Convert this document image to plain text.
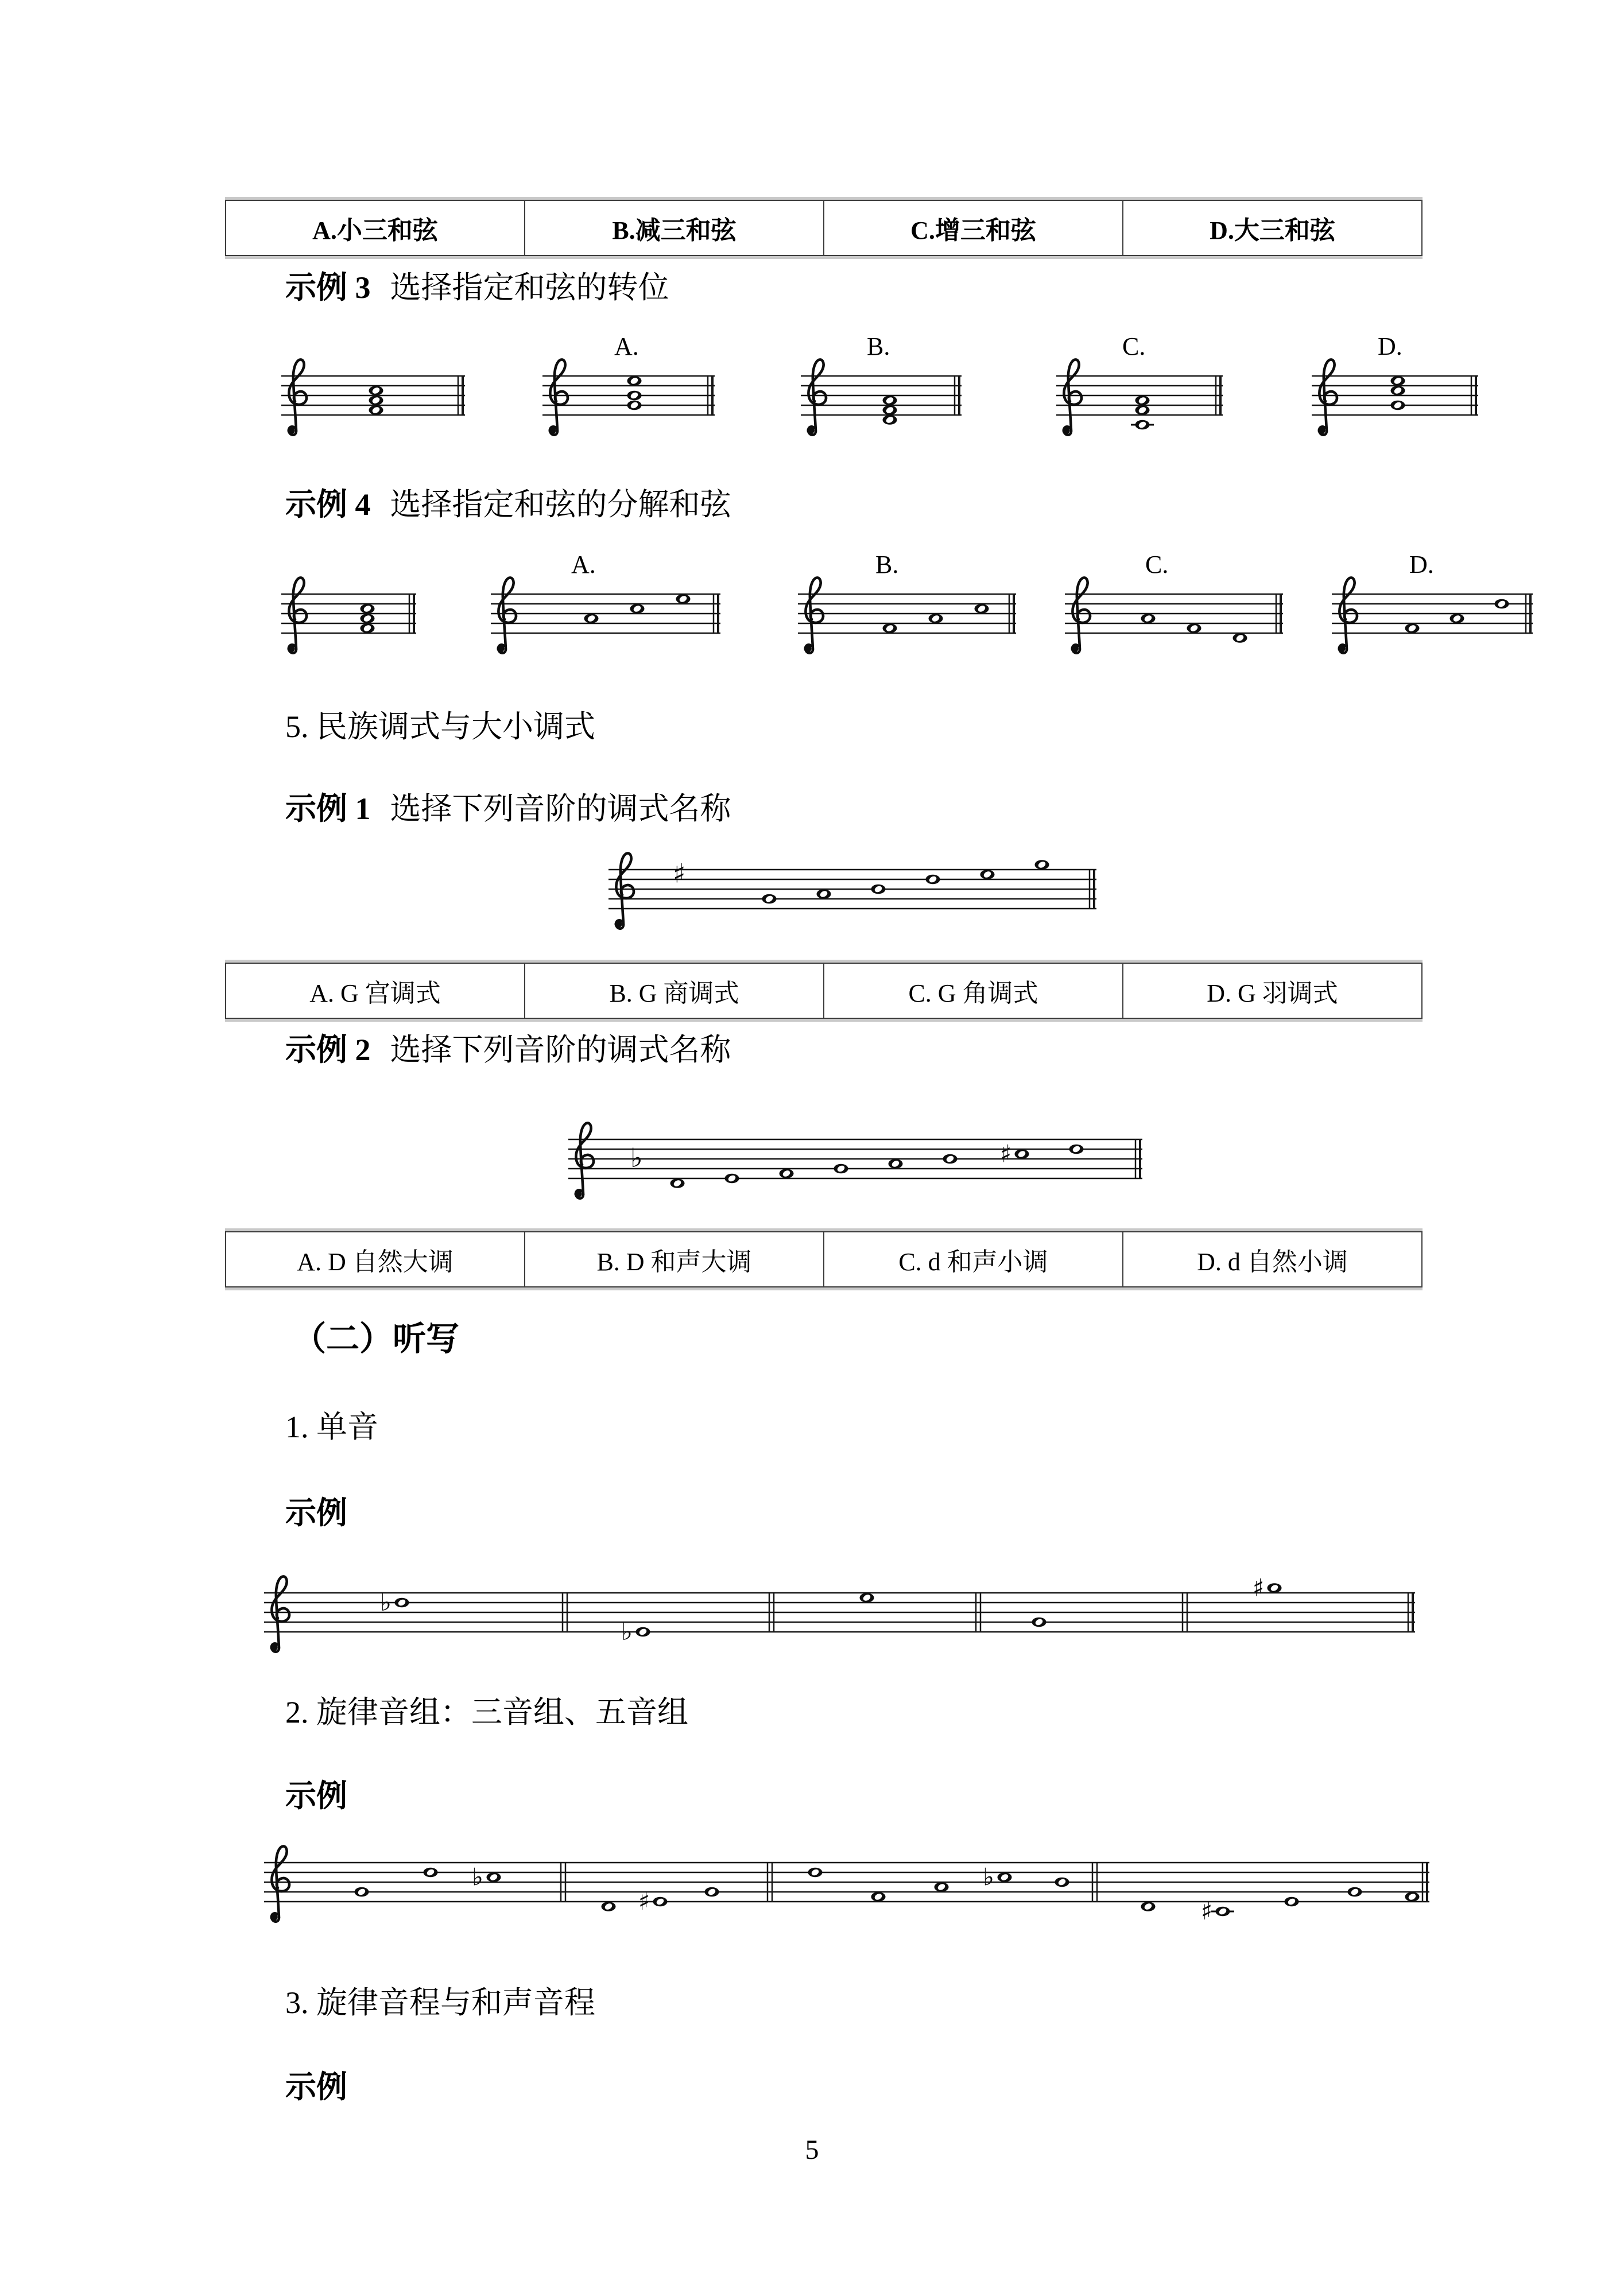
A.小三和弦	B.减三和弦	C.增三和弦	D.大三和弦
示例 3 选择指定和弦的转位
示例 4 选择指定和弦的分解和弦
5. 民族调式与大小调式
示例 1 选择下列音阶的调式名称
A. G 宫调式	B. G 商调式	C. G 角调式	D. G 羽调式
示例 2 选择下列音阶的调式名称
A. D 自然大调	B. D 和声大调	C. d 和声小调	D. d 自然小调
（二）听写
1. 单音
示例
2. 旋律音组：三音组、五音组
示例
3. 旋律音程与和声音程
示例
5
A.	B.	C.	D.
A.	B.	C.	D.
♯
♭	♯
♭
♭
♯
♭
♯
♭
♯
